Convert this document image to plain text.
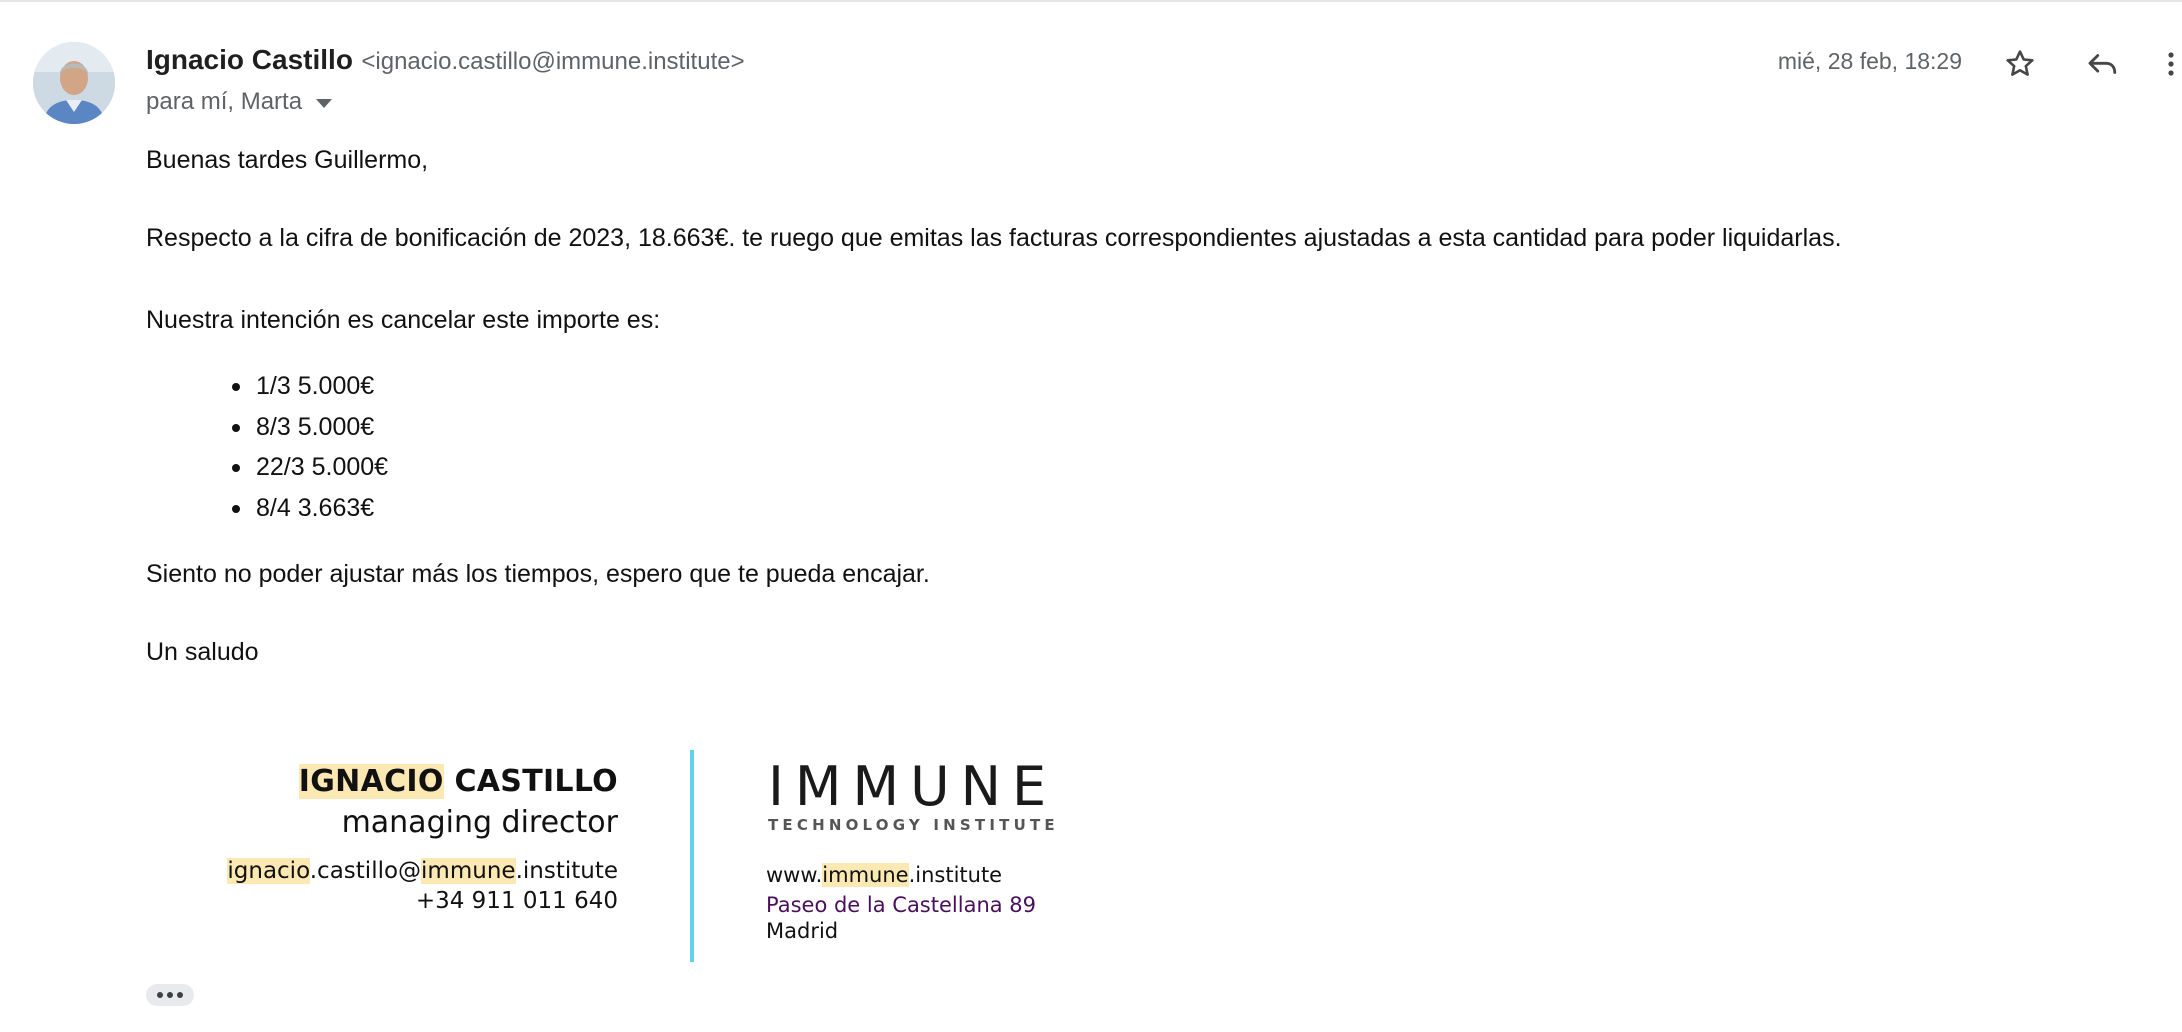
Ignacio Castillo <ignacio.castillo@immune.institute>
para mí, Marta
mié, 28 feb, 18:29
Buenas tardes Guillermo,
Respecto a la cifra de bonificación de 2023, 18.663€. te ruego que emitas las facturas correspondientes ajustadas a esta cantidad para poder liquidarlas.
Nuestra intención es cancelar este importe es:
1/3 5.000€
8/3 5.000€
22/3 5.000€
8/4 3.663€
Siento no poder ajustar más los tiempos, espero que te pueda encajar.
Un saludo
IGNACIO CASTILLO
managing director
ignacio.castillo@immune.institute
+34 911 011 640
IMMUNE
TECHNOLOGY INSTITUTE
www.immune.institute
Paseo de la Castellana 89
Madrid
